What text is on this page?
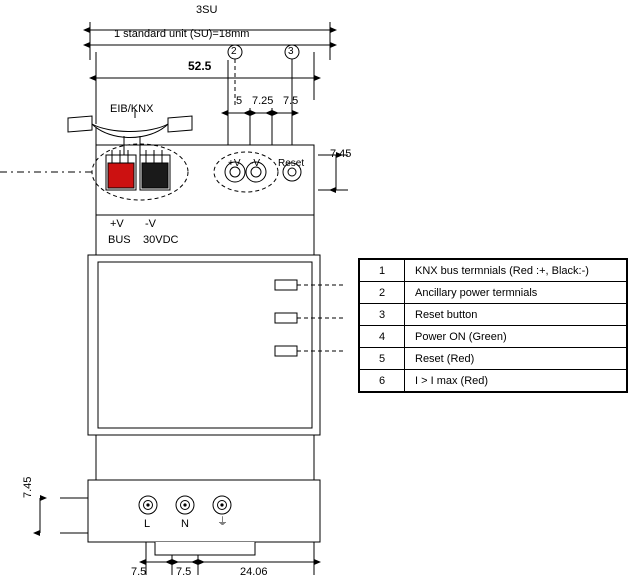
3SU
1 standard unit (SU)=18mm
52.5
5 7.25 7.5
7.45
7.45
7.5	7.5	24.06
2	3
EIB/KNX
+V -V Reset
+V -V
BUS 30VDC
L	N	⏚
1	KNX bus termnials (Red :+, Black:-)
2	Ancillary power termnials
3	Reset button
4	Power ON (Green)
5	Reset (Red)
6	I > I max (Red)
